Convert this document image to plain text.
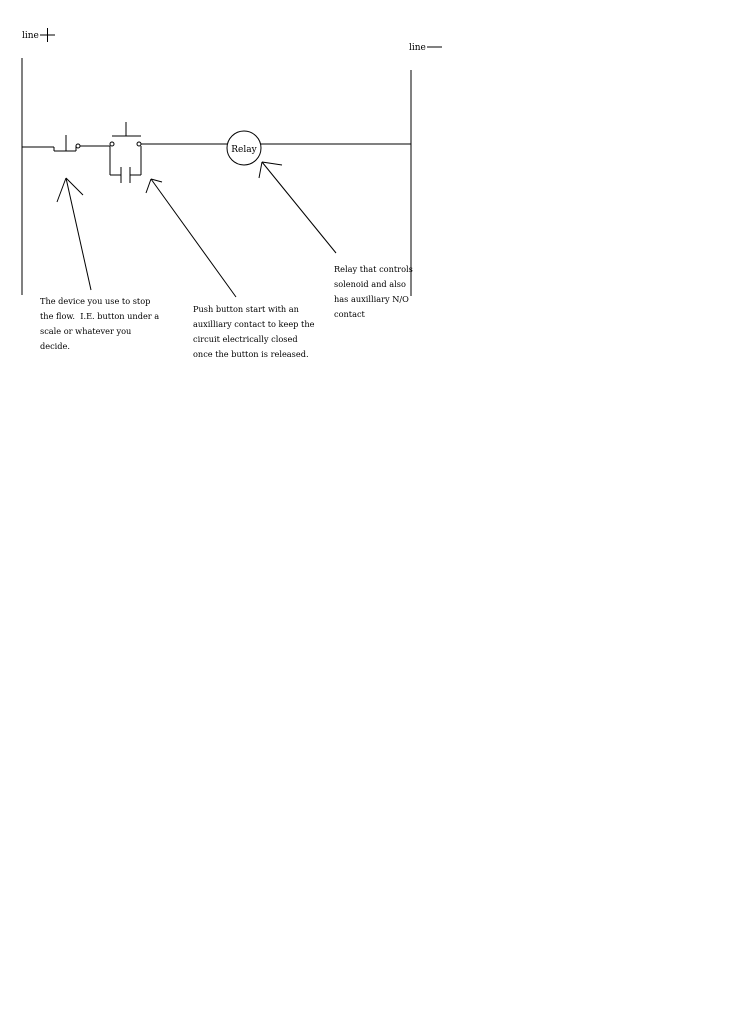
line
line
Relay
The device you use to stop
the flow.  I.E. button under a
scale or whatever you
decide.
Push button start with an
auxilliary contact to keep the
circuit electrically closed
once the button is released.
Relay that controls
solenoid and also
has auxilliary N/O
contact
